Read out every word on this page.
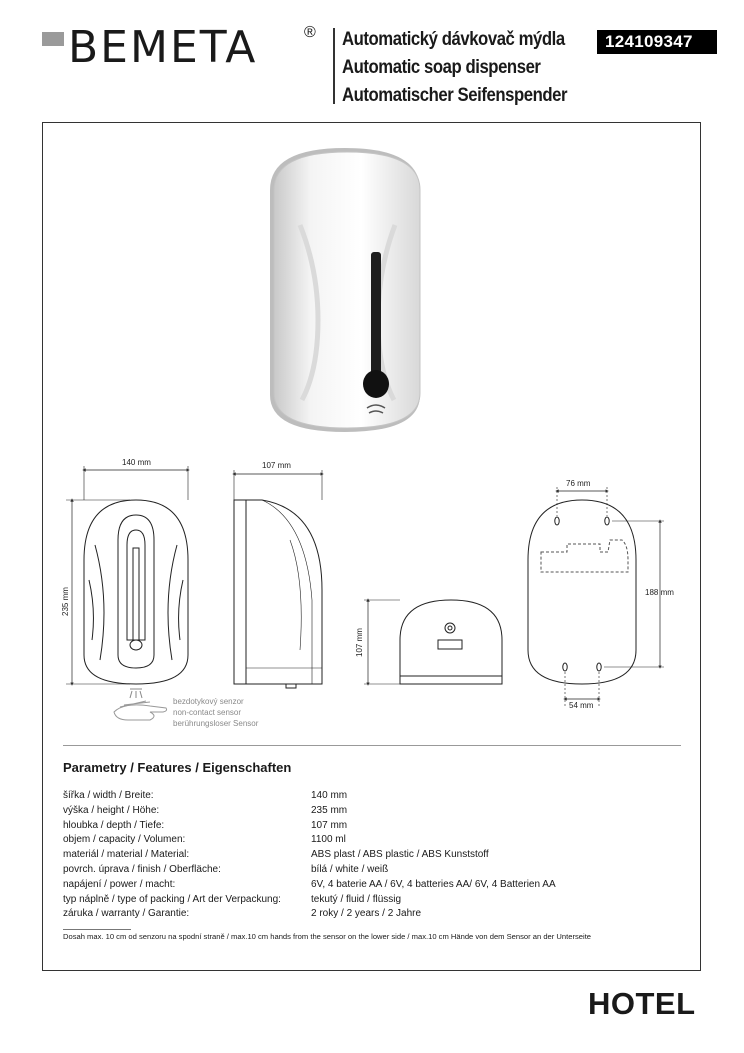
BEMETA	® Automatický dávkovač mýdla
Automatic soap dispenser
Automatischer Seifenspender
124109347
140 mm
235 mm
bezdotykový senzor
non-contact sensor
berührungsloser Sensor
107 mm
107 mm
76 mm
188 mm
54 mm
Parametry / Features / Eigenschaften
šířka / width / Breite:	140 mm
výška / height / Höhe:	235 mm
hloubka / depth / Tiefe:	107 mm
objem / capacity / Volumen:	1100 ml
materiál / material / Material:	ABS plast / ABS plastic / ABS Kunststoff
povrch. úprava / finish / Oberfläche:	bílá / white / weiß
napájení / power / macht:	6V, 4 baterie AA / 6V, 4 batteries AA/ 6V, 4 Batterien AA
typ náplně / type of packing / Art der Verpackung:	tekutý / fluid / flüssig
záruka / warranty / Garantie:	2 roky / 2 years / 2 Jahre
Dosah max. 10 cm od senzoru na spodní straně / max.10 cm hands from the sensor on the lower side / max.10 cm Hände von dem Sensor an der Unterseite
HOTEL
